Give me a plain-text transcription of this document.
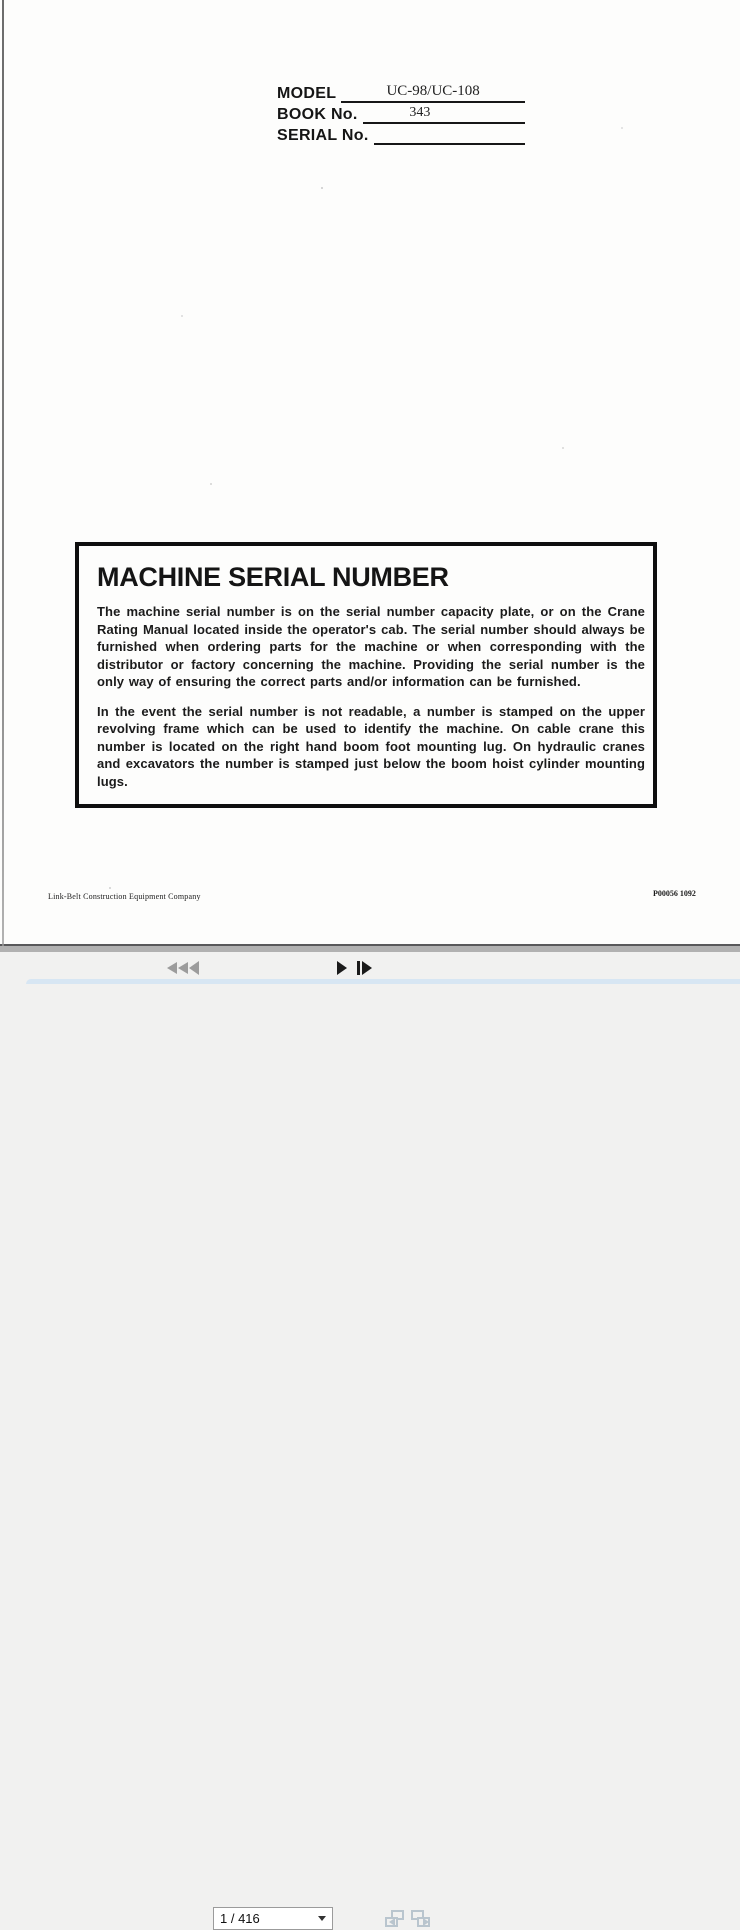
MODEL	UC-98/UC-108
BOOK No.	343
SERIAL No.
MACHINE SERIAL NUMBER

The machine serial number is on the serial number capacity plate, or on the Crane Rating Manual located inside the operator's cab. The serial number should always be furnished when ordering parts for the machine or when corresponding with the distributor or factory concerning the machine. Providing the serial number is the only way of ensuring the correct parts and/or information can be furnished.

In the event the serial number is not readable, a number is stamped on the upper revolving frame which can be used to identify the machine. On cable crane this number is located on the right hand boom foot mounting lug. On hydraulic cranes and excavators the number is stamped just below the boom hoist cylinder mounting lugs.

Link-Belt Construction Equipment Company	P00056 1092
1 / 416
